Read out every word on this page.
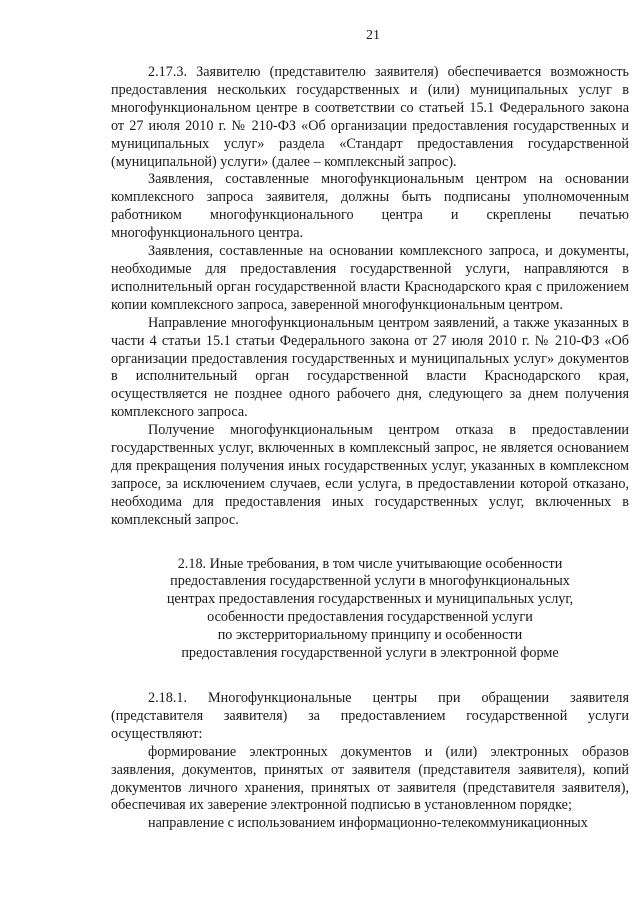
21

2.17.3. Заявителю (представителю заявителя) обеспечивается возможность предоставления нескольких государственных и (или) муниципальных услуг в многофункциональном центре в соответствии со статьей 15.1 Федерального закона от 27 июля 2010 г. № 210-ФЗ «Об организации предоставления государственных и муниципальных услуг» раздела «Стандарт предоставления государственной (муниципальной) услуги» (далее – комплексный запрос).

Заявления, составленные многофункциональным центром на основании комплексного запроса заявителя, должны быть подписаны уполномоченным работником многофункционального центра и скреплены печатью многофункционального центра.

Заявления, составленные на основании комплексного запроса, и документы, необходимые для предоставления государственной услуги, направляются в исполнительный орган государственной власти Краснодарского края с приложением копии комплексного запроса, заверенной многофункциональным центром.

Направление многофункциональным центром заявлений, а также указанных в части 4 статьи 15.1 статьи Федерального закона от 27 июля 2010 г. № 210-ФЗ «Об организации предоставления государственных и муниципальных услуг» документов в исполнительный орган государственной власти Краснодарского края, осуществляется не позднее одного рабочего дня, следующего за днем получения комплексного запроса.

Получение многофункциональным центром отказа в предоставлении государственных услуг, включенных в комплексный запрос, не является основанием для прекращения получения иных государственных услуг, указанных в комплексном запросе, за исключением случаев, если услуга, в предоставлении которой отказано, необходима для предоставления иных государственных услуг, включенных в комплексный запрос.

2.18. Иные требования, в том числе учитывающие особенности
предоставления государственной услуги в многофункциональных
центрах предоставления государственных и муниципальных услуг,
особенности предоставления государственной услуги
по экстерриториальному принципу и особенности
предоставления государственной услуги в электронной форме

2.18.1. Многофункциональные центры при обращении заявителя (представителя заявителя) за предоставлением государственной услуги осуществляют:

формирование электронных документов и (или) электронных образов заявления, документов, принятых от заявителя (представителя заявителя), копий документов личного хранения, принятых от заявителя (представителя заявителя), обеспечивая их заверение электронной подписью в установленном порядке;

направление с использованием информационно-телекоммуникационных
